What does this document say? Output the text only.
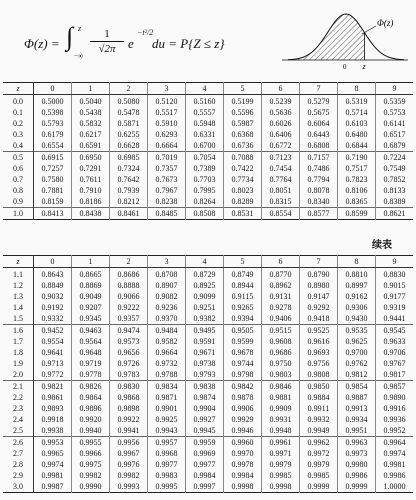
Φ(z) = ∫ z
−∞ $\frac{1}{√2\pi}$ e
−t²/2
du = P{Z ≤ z}
Φ(z)
0 z
z	0	1	2	3	4	5	6	7	8	9
0.0	0.5000	0.5040	0.5080	0.5120	0.5160	0.5199	0.5239	0.5279	0.5319	0.5359
0.1	0.5398	0.5438	0.5478	0.5517	0.5557	0.5596	0.5636	0.5675	0.5714	0.5753
0.2	0.5793	0.5832	0.5871	0.5910	0.5948	0.5987	0.6026	0.6064	0.6103	0.6141
0.3	0.6179	0.6217	0.6255	0.6293	0.6331	0.6368	0.6406	0.6443	0.6480	0.6517
0.4	0.6554	0.6591	0.6628	0.6664	0.6700	0.6736	0.6772	0.6808	0.6844	0.6879
0.5	0.6915	0.6950	0.6985	0.7019	0.7054	0.7088	0.7123	0.7157	0.7190	0.7224
0.6	0.7257	0.7291	0.7324	0.7357	0.7389	0.7422	0.7454	0.7486	0.7517	0.7549
0.7	0.7580	0.7611	0.7642	0.7673	0.7703	0.7734	0.7764	0.7794	0.7823	0.7852
0.8	0.7881	0.7910	0.7939	0.7967	0.7995	0.8023	0.8051	0.8078	0.8106	0.8133
0.9	0.8159	0.8186	0.8212	0.8238	0.8264	0.8289	0.8315	0.8340	0.8365	0.8389
1.0	0.8413	0.8438	0.8461	0.8485	0.8508	0.8531	0.8554	0.8577	0.8599	0.8621
续表
z	0	1	2	3	4	5	6	7	8	9
1.1	0.8643	0.8665	0.8686	0.8708	0.8729	0.8749	0.8770	0.8790	0.8810	0.8830
1.2	0.8849	0.8869	0.8888	0.8907	0.8925	0.8944	0.8962	0.8980	0.8997	0.9015
1.3	0.9032	0.9049	0.9066	0.9082	0.9099	0.9115	0.9131	0.9147	0.9162	0.9177
1.4	0.9192	0.9207	0.9222	0.9236	0.9251	0.9265	0.9278	0.9292	0.9306	0.9319
1.5	0.9332	0.9345	0.9357	0.9370	0.9382	0.9394	0.9406	0.9418	0.9430	0.9441
1.6	0.9452	0.9463	0.9474	0.9484	0.9495	0.9505	0.9515	0.9525	0.9535	0.9545
1.7	0.9554	0.9564	0.9573	0.9582	0.9591	0.9599	0.9608	0.9616	0.9625	0.9633
1.8	0.9641	0.9648	0.9656	0.9664	0.9671	0.9678	0.9686	0.9693	0.9700	0.9706
1.9	0.9713	0.9719	0.9726	0.9732	0.9738	0.9744	0.9750	0.9756	0.9762	0.9767
2.0	0.9772	0.9778	0.9783	0.9788	0.9793	0.9798	0.9803	0.9808	0.9812	0.9817
2.1	0.9821	0.9826	0.9830	0.9834	0.9838	0.9842	0.9846	0.9850	0.9854	0.9857
2.2	0.9861	0.9864	0.9868	0.9871	0.9874	0.9878	0.9881	0.9884	0.9887	0.9890
2.3	0.9893	0.9896	0.9898	0.9901	0.9904	0.9906	0.9909	0.9911	0.9913	0.9916
2.4	0.9918	0.9920	0.9922	0.9925	0.9927	0.9929	0.9931	0.9932	0.9934	0.9936
2.5	0.9938	0.9940	0.9941	0.9943	0.9945	0.9946	0.9948	0.9949	0.9951	0.9952
2.6	0.9953	0.9955	0.9956	0.9957	0.9959	0.9960	0.9961	0.9962	0.9963	0.9964
2.7	0.9965	0.9966	0.9967	0.9968	0.9969	0.9970	0.9971	0.9972	0.9973	0.9974
2.8	0.9974	0.9975	0.9976	0.9977	0.9977	0.9978	0.9979	0.9979	0.9980	0.9981
2.9	0.9981	0.9982	0.9982	0.9983	0.9984	0.9984	0.9985	0.9985	0.9986	0.9986
3.0	0.9987	0.9990	0.9993	0.9995	0.9997	0.9998	0.9998	0.9999	0.9999	1.0000
